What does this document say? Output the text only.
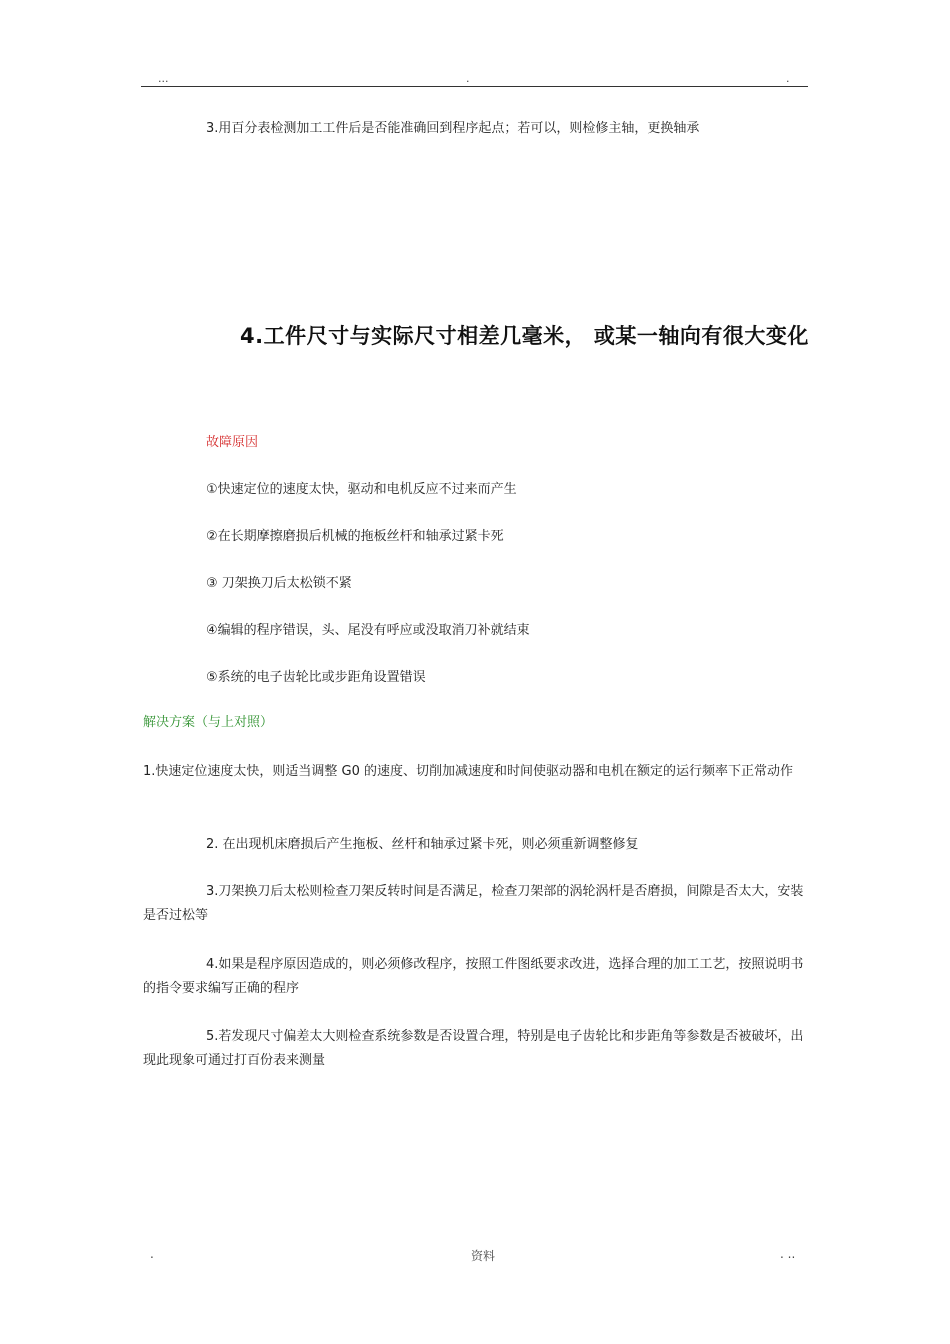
...	.	.
3.用百分表检测加工工件后是否能准确回到程序起点；若可以，则检修主轴，更换轴承
4.工件尺寸与实际尺寸相差几毫米， 或某一轴向有很大变化
故障原因
①快速定位的速度太快，驱动和电机反应不过来而产生
②在长期摩擦磨损后机械的拖板丝杆和轴承过紧卡死
③ 刀架换刀后太松锁不紧
④编辑的程序错误，头、尾没有呼应或没取消刀补就结束
⑤系统的电子齿轮比或步距角设置错误
解决方案（与上对照）
1.快速定位速度太快，则适当调整 G0 的速度、切削加减速度和时间使驱动器和电机在额定的运行频率下正常动作
2. 在出现机床磨损后产生拖板、丝杆和轴承过紧卡死，则必须重新调整修复
3.刀架换刀后太松则检查刀架反转时间是否满足，检查刀架部的涡轮涡杆是否磨损，间隙是否太大，安装是否过松等
4.如果是程序原因造成的，则必须修改程序，按照工件图纸要求改进，选择合理的加工工艺，按照说明书的指令要求编写正确的程序
5.若发现尺寸偏差太大则检查系统参数是否设置合理，特别是电子齿轮比和步距角等参数是否被破坏，出现此现象可通过打百份表来测量
.	资料	. ..
